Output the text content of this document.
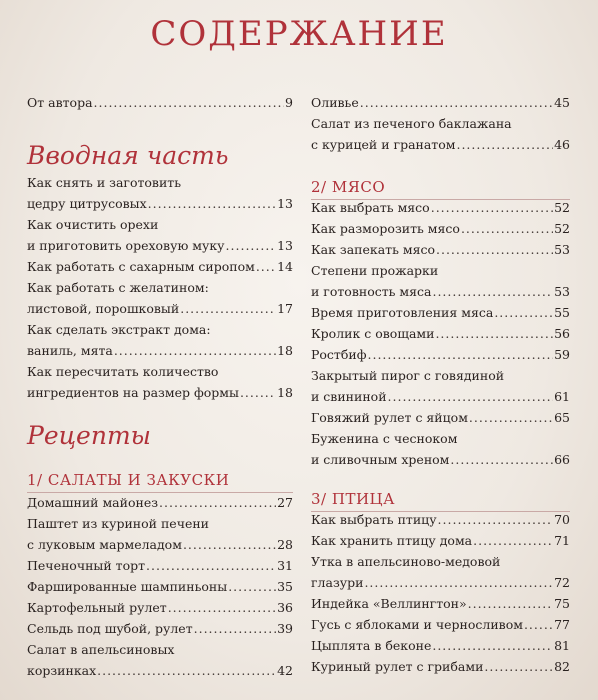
СОДЕРЖАНИЕ
Вводная часть
Рецепты
1/ САЛАТЫ И ЗАКУСКИ
От автора .....	9
Как снять и заготовить
цедру цитрусовых .....	13
Как очистить орехи
и приготовить ореховую муку .....	13
Как работать с сахарным сиропом ..... 14
Как работать с желатином:
листовой, порошковый .....	17
Как сделать экстракт дома:
ваниль, мята .....	18
Как пересчитать количество
ингредиентов на размер формы .....	18
Домашний майонез .....	27
Паштет из куриной печени
с луковым мармеладом .....	28
Печеночный торт .....	31
Фаршированные шампиньоны .....	35
Картофельный рулет .....	36
Сельдь под шубой, рулет .....	39
Салат в апельсиновых
корзинках .....	42
2/ МЯСО
3/ ПТИЦА
Оливье .....	45
Салат из печеного баклажана
с курицей и гранатом .....	46
Как выбрать мясо .....	52
Как разморозить мясо .....	52
Как запекать мясо .....	53
Степени прожарки
и готовность мяса .....	53
Время приготовления мяса .....	55
Кролик с овощами .....	56
Ростбиф .....	59
Закрытый пирог с говядиной
и свининой .....	61
Говяжий рулет с яйцом .....	65
Буженина с чесноком
и сливочным хреном .....	66
Как выбрать птицу .....	70
Как хранить птицу дома .....	71
Утка в апельсиново-медовой
глазури .....	72
Индейка «Веллингтон» .....	75
Гусь с яблоками и черносливом ..... 77
Цыплята в беконе .....	81
Куриный рулет с грибами .....	82
